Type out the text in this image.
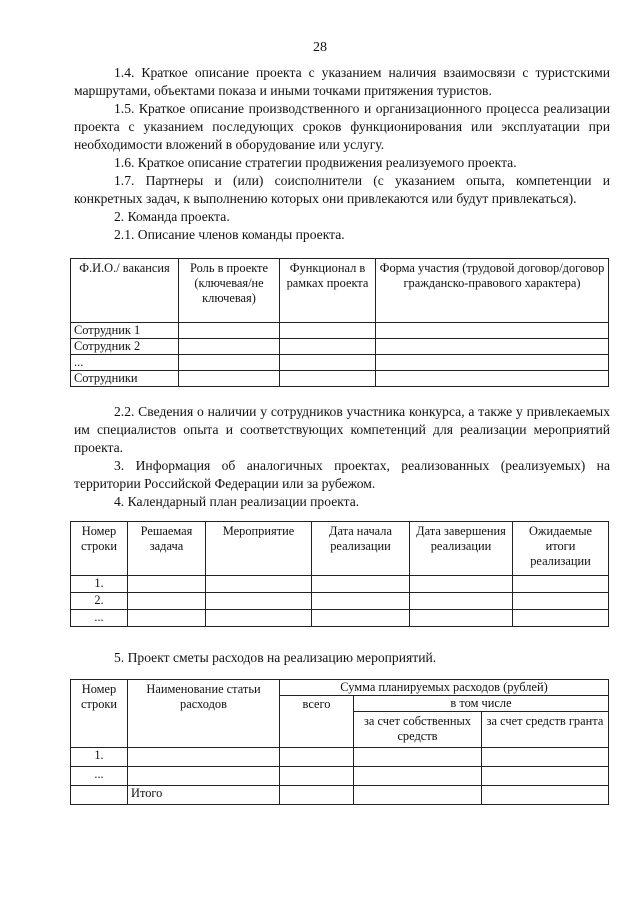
28

1.4. Краткое описание проекта с указанием наличия взаимосвязи с туристскими маршрутами, объектами показа и иными точками притяжения туристов.

1.5. Краткое описание производственного и организационного процесса реализации проекта с указанием последующих сроков функционирования или эксплуатации при необходимости вложений в оборудование или услугу.

1.6. Краткое описание стратегии продвижения реализуемого проекта.

1.7. Партнеры и (или) соисполнители (с указанием опыта, компетенции и конкретных задач, к выполнению которых они привлекаются или будут привлекаться).

2. Команда проекта.

2.1. Описание членов команды проекта.

Ф.И.О./ вакансия	Роль в проекте (ключевая/не ключевая)	Функционал в рамках проекта	Форма участия (трудовой договор/договор гражданско-правового характера)
Сотрудник 1			
Сотрудник 2			
...			
Сотрудники			

2.2. Сведения о наличии у сотрудников участника конкурса, а также у привлекаемых им специалистов опыта и соответствующих компетенций для реализации мероприятий проекта.

3. Информация об аналогичных проектах, реализованных (реализуемых) на территории Российской Федерации или за рубежом.

4. Календарный план реализации проекта.

Номер строки	Решаемая задача	Мероприятие	Дата начала реализации	Дата завершения реализации	Ожидаемые итоги реализации
1.					
2.					
...					

5. Проект сметы расходов на реализацию мероприятий.

Номер строки	Наименование статьи расходов	Сумма планируемых расходов (рублей)		
		всего	в том числе	
			за счет собственных средств	за счет средств гранта
1.				
...				
	Итого			
